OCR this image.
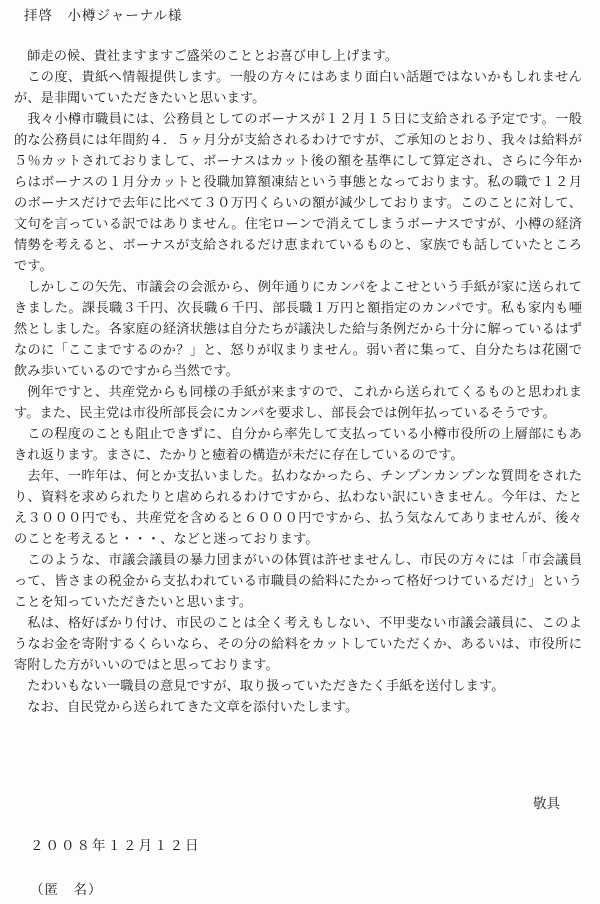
拝啓　小樽ジャーナル様

師走の候、貴社ますますご盛栄のこととお喜び申し上げます。

この度、貴紙へ情報提供します。一般の方々にはあまり面白い話題ではないかもしれませんが、是非聞いていただきたいと思います。

我々小樽市職員には、公務員としてのボーナスが１２月１５日に支給される予定です。一般的な公務員には年間約４．５ヶ月分が支給されるわけですが、ご承知のとおり、我々は給料が５％カットされておりまして、ボーナスはカット後の額を基準にして算定され、さらに今年からはボーナスの１月分カットと役職加算額凍結という事態となっております。私の職で１２月のボーナスだけで去年に比べて３０万円くらいの額が減少しております。このことに対して、文句を言っている訳ではありません。住宅ローンで消えてしまうボーナスですが、小樽の経済情勢を考えると、ボーナスが支給されるだけ恵まれているものと、家族でも話していたところです。

しかしこの矢先、市議会の会派から、例年通りにカンパをよこせという手紙が家に送られてきました。課長職３千円、次長職６千円、部長職１万円と額指定のカンパです。私も家内も唖然としました。各家庭の経済状態は自分たちが議決した給与条例だから十分に解っているはずなのに「ここまでするのか？」と、怒りが収まりません。弱い者に集って、自分たちは花園で飲み歩いているのですから当然です。

例年ですと、共産党からも同様の手紙が来ますので、これから送られてくるものと思われます。また、民主党は市役所部長会にカンパを要求し、部長会では例年払っているそうです。

この程度のことも阻止できずに、自分から率先して支払っている小樽市役所の上層部にもあきれ返ります。まさに、たかりと癒着の構造が未だに存在しているのです。

去年、一昨年は、何とか支払いました。払わなかったら、チンプンカンプンな質問をされたり、資料を求められたりと虐められるわけですから、払わない訳にいきません。今年は、たとえ３０００円でも、共産党を含めると６０００円ですから、払う気なんてありませんが、後々のことを考えると・・・、などと迷っております。

このような、市議会議員の暴力団まがいの体質は許せませんし、市民の方々には「市会議員って、皆さまの税金から支払われている市職員の給料にたかって格好つけているだけ」ということを知っていただきたいと思います。

私は、格好ばかり付け、市民のことは全く考えもしない、不甲斐ない市議会議員に、このようなお金を寄附するくらいなら、その分の給料をカットしていただくか、あるいは、市役所に寄附した方がいいのではと思っております。

たわいもない一職員の意見ですが、取り扱っていただきたく手紙を送付します。

なお、自民党から送られてきた文章を添付いたします。

敬具
２００８年１２月１２日
（匿　名）
